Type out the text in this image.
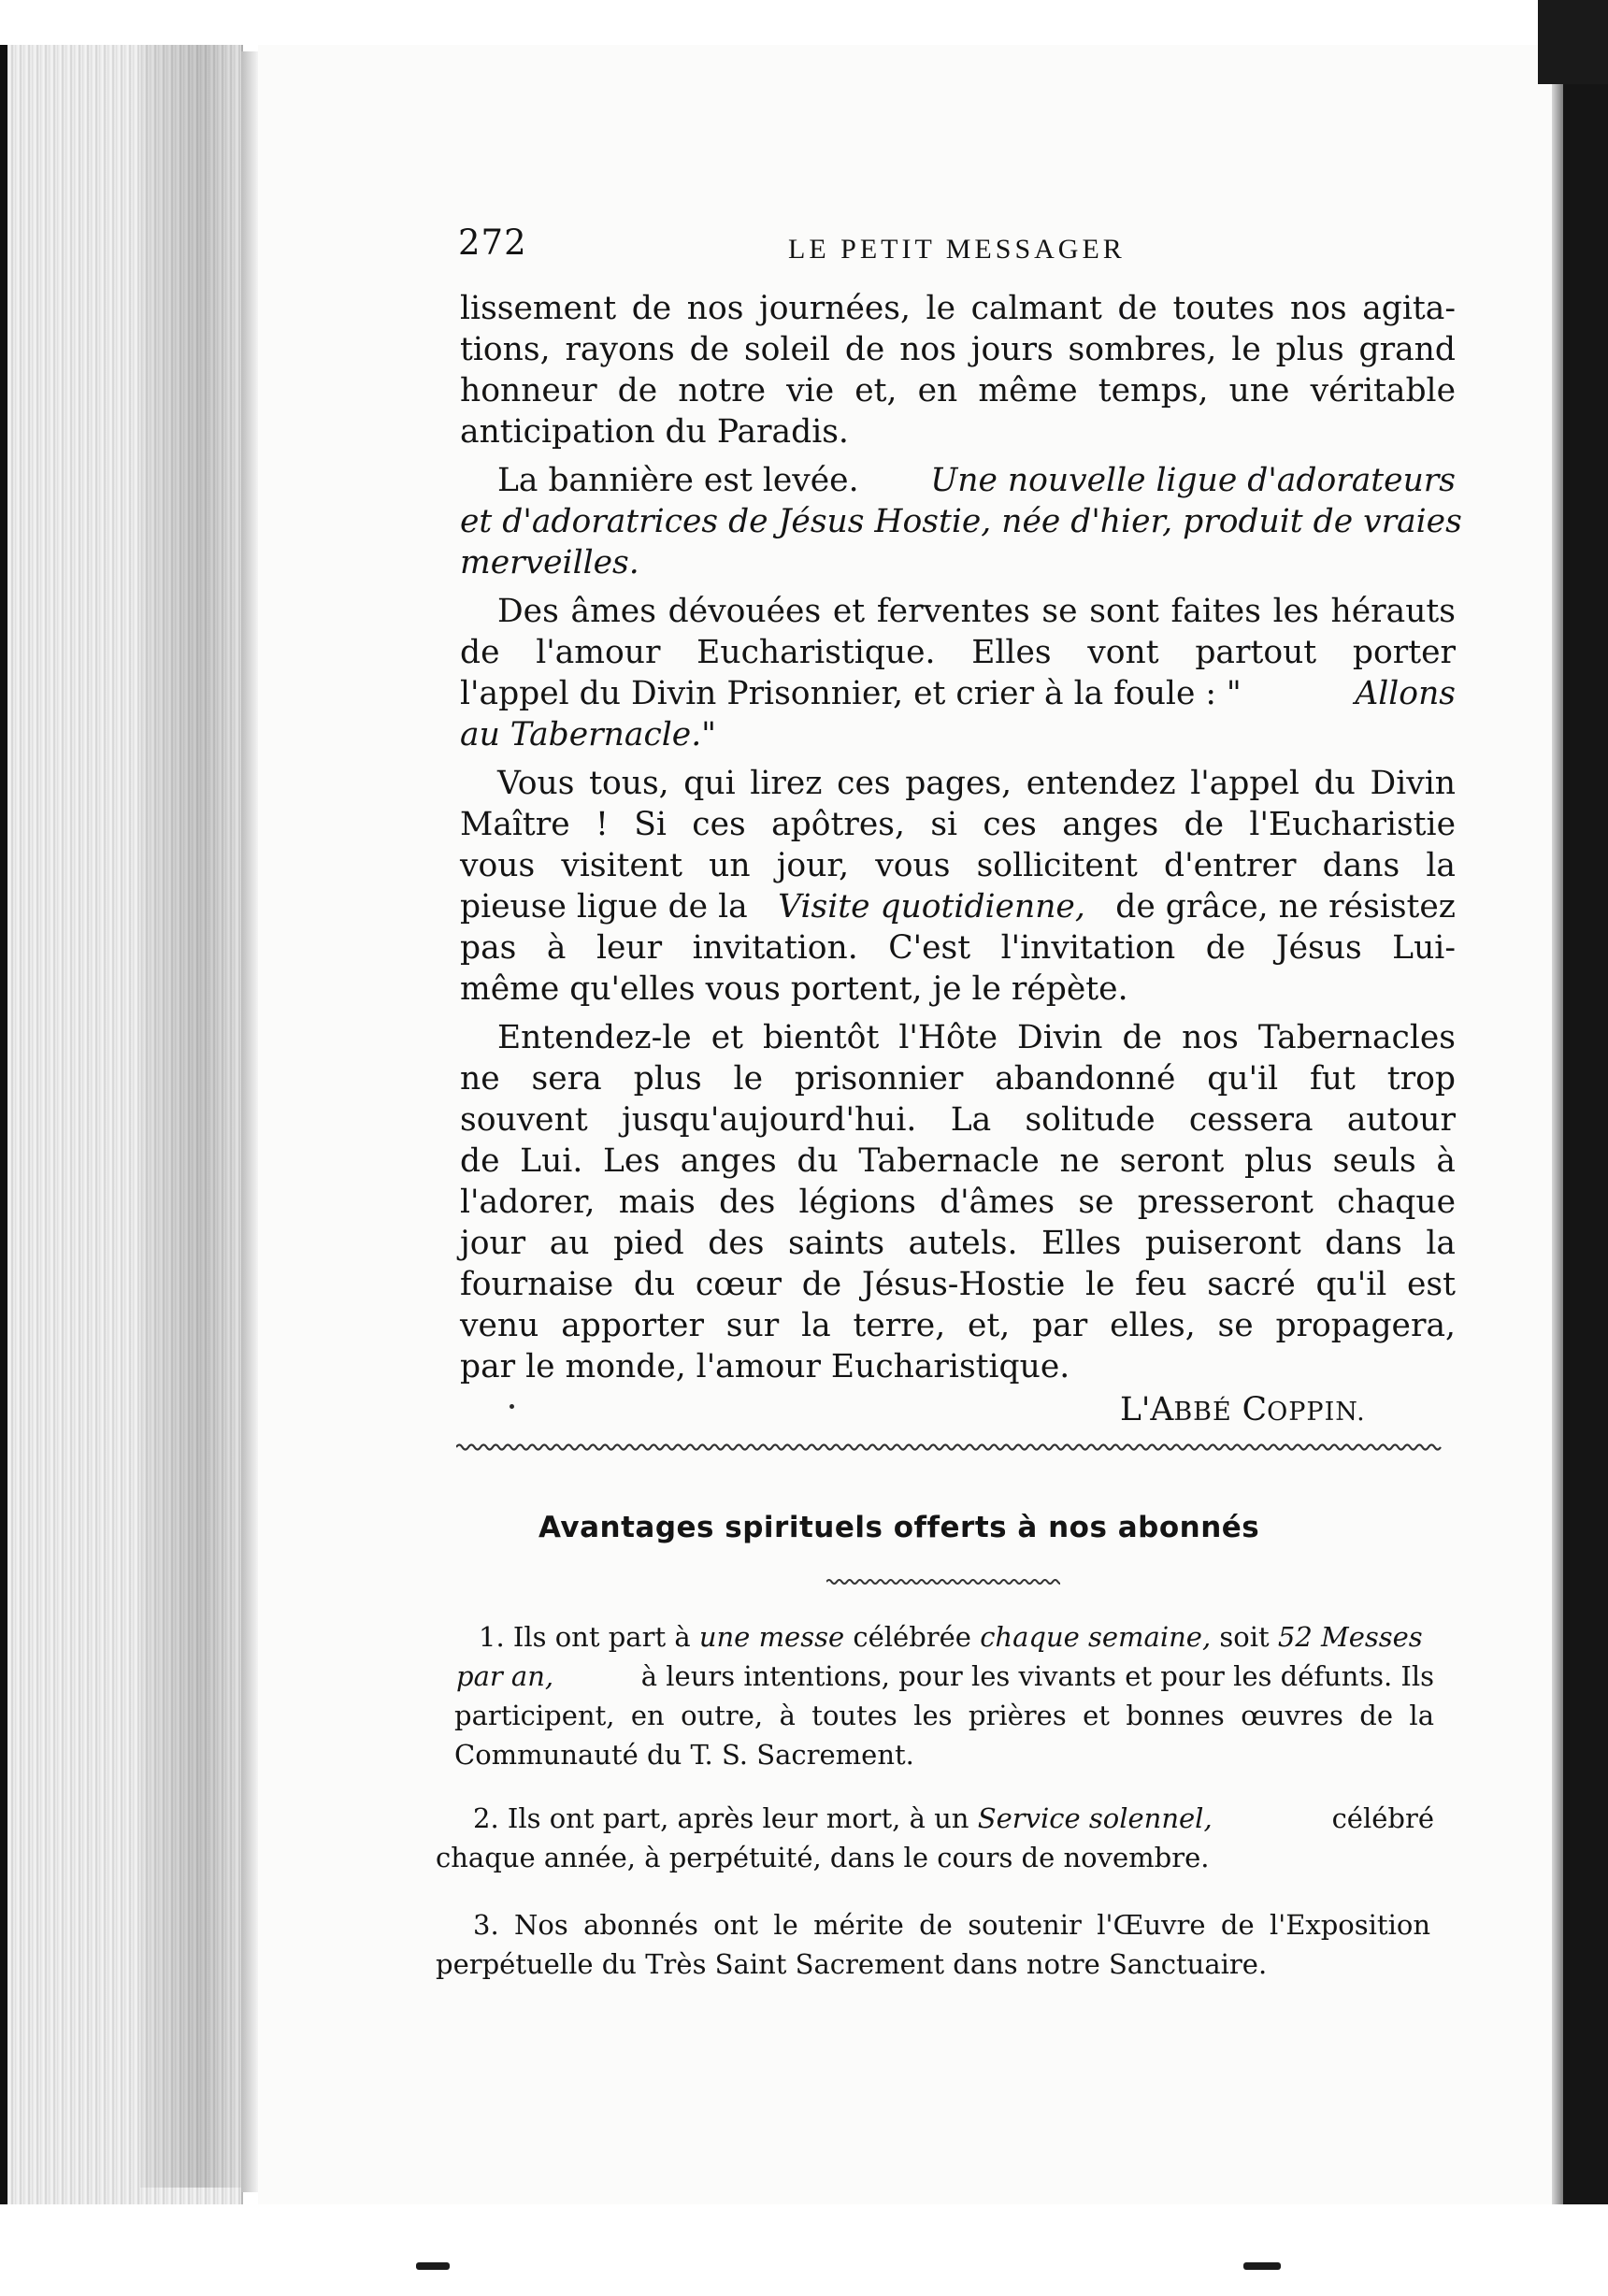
272	LE PETIT MESSAGER
lissement de nos journées, le calmant de toutes nos agita-
tions, rayons de soleil de nos jours sombres, le plus grand
honneur de notre vie et, en même temps, une véritable
anticipation du Paradis.
La bannière est levée. Une nouvelle ligue d'adorateurs
et d'adoratrices de Jésus Hostie, née d'hier, produit de vraies
merveilles.
Des âmes dévouées et ferventes se sont faites les hérauts
de l'amour Eucharistique. Elles vont partout porter
l'appel du Divin Prisonnier, et crier à la foule : "	Allons
au Tabernacle."
Vous tous, qui lirez ces pages, entendez l'appel du Divin
Maître ! Si ces apôtres, si ces anges de l'Eucharistie
vous visitent un jour, vous sollicitent d'entrer dans la
pieuse ligue de la Visite quotidienne, de grâce, ne résistez
pas à leur invitation. C'est l'invitation de Jésus Lui-
même qu'elles vous portent, je le répète.
Entendez-le et bientôt l'Hôte Divin de nos Tabernacles
ne sera plus le prisonnier abandonné qu'il fut trop
souvent jusqu'aujourd'hui. La solitude cessera autour
de Lui. Les anges du Tabernacle ne seront plus seuls à
l'adorer, mais des légions d'âmes se presseront chaque
jour au pied des saints autels. Elles puiseront dans la
fournaise du cœur de Jésus-Hostie le feu sacré qu'il est
venu apporter sur la terre, et, par elles, se propagera,
par le monde, l'amour Eucharistique.
L'ABBÉ COPPIN.
Avantages spirituels offerts à nos abonnés
1. Ils ont part à une messe célébrée chaque semaine, soit 52 Messes
par an,	à leurs intentions, pour les vivants et pour les défunts. Ils
participent, en outre, à toutes les prières et bonnes œuvres de la
Communauté du T. S. Sacrement.
2. Ils ont part, après leur mort, à un Service solennel,	célébré
chaque année, à perpétuité, dans le cours de novembre.
3. Nos abonnés ont le mérite de soutenir l'Œuvre de l'Exposition
perpétuelle du Très Saint Sacrement dans notre Sanctuaire.
